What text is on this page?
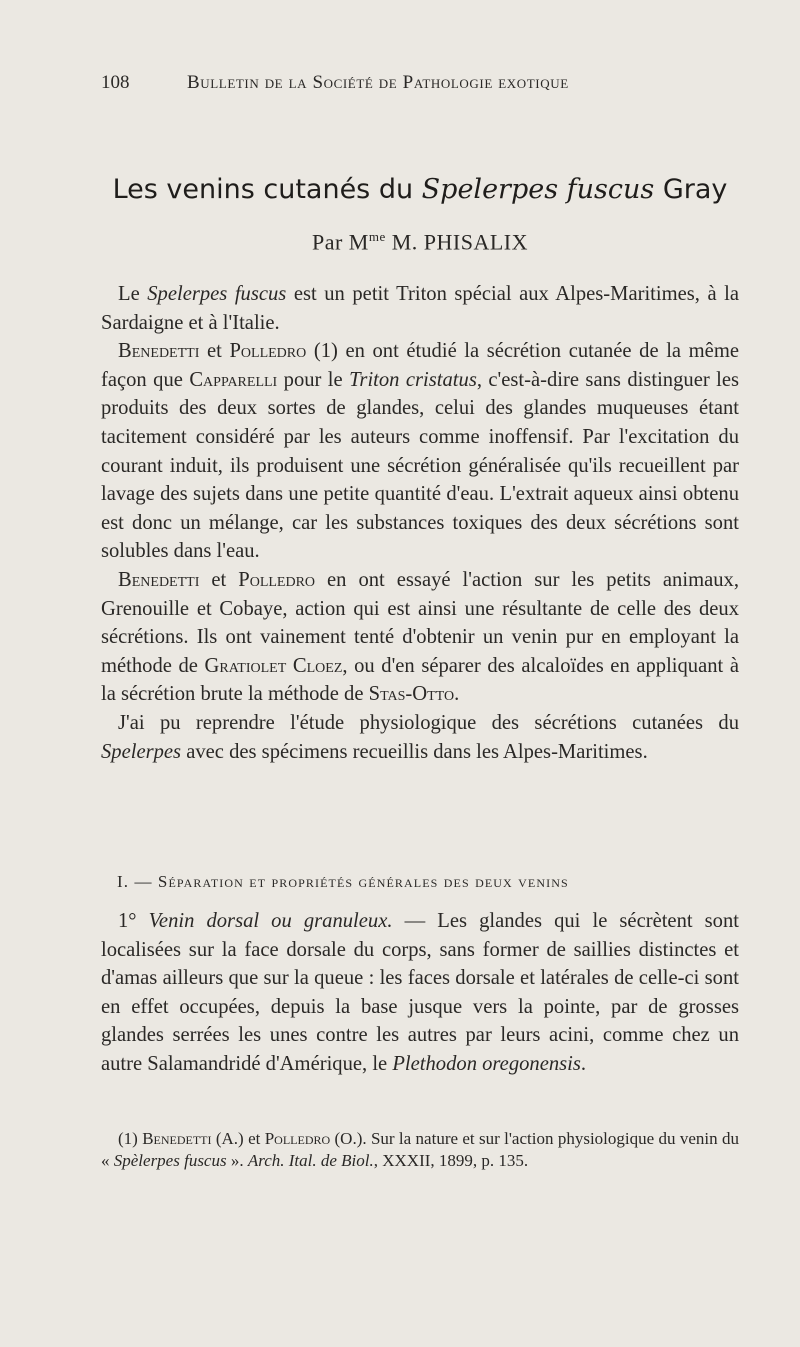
108	Bulletin de la Société de Pathologie exotique
Les venins cutanés du Spelerpes fuscus Gray
Par $M^{me}$ M. PHISALIX

Le Spelerpes fuscus est un petit Triton spécial aux Alpes-Maritimes, à la Sardaigne et à l'Italie.

Benedetti et Polledro (1) en ont étudié la sécrétion cutanée de la même façon que Capparelli pour le Triton cristatus, c'est-à-dire sans distinguer les produits des deux sortes de glandes, celui des glandes muqueuses étant tacitement considéré par les auteurs comme inoffensif. Par l'excitation du courant induit, ils produisent une sécrétion généralisée qu'ils recueillent par lavage des sujets dans une petite quantité d'eau. L'extrait aqueux ainsi obtenu est donc un mélange, car les substances toxiques des deux sécrétions sont solubles dans l'eau.

Benedetti et Polledro en ont essayé l'action sur les petits animaux, Grenouille et Cobaye, action qui est ainsi une résultante de celle des deux sécrétions. Ils ont vainement tenté d'obtenir un venin pur en employant la méthode de Gratiolet Cloez, ou d'en séparer des alcaloïdes en appliquant à la sécrétion brute la méthode de Stas-Otto.

J'ai pu reprendre l'étude physiologique des sécrétions cutanées du Spelerpes avec des spécimens recueillis dans les Alpes-Maritimes.

I. — Séparation et propriétés générales des deux venins

1° Venin dorsal ou granuleux. — Les glandes qui le sécrètent sont localisées sur la face dorsale du corps, sans former de saillies distinctes et d'amas ailleurs que sur la queue : les faces dorsale et latérales de celle-ci sont en effet occupées, depuis la base jusque vers la pointe, par de grosses glandes serrées les unes contre les autres par leurs acini, comme chez un autre Salamandridé d'Amérique, le Plethodon oregonensis.

(1) Benedetti (A.) et Polledro (O.). Sur la nature et sur l'action physiologique du venin du « Spèlerpes fuscus ». Arch. Ital. de Biol., XXXII, 1899, p. 135.
